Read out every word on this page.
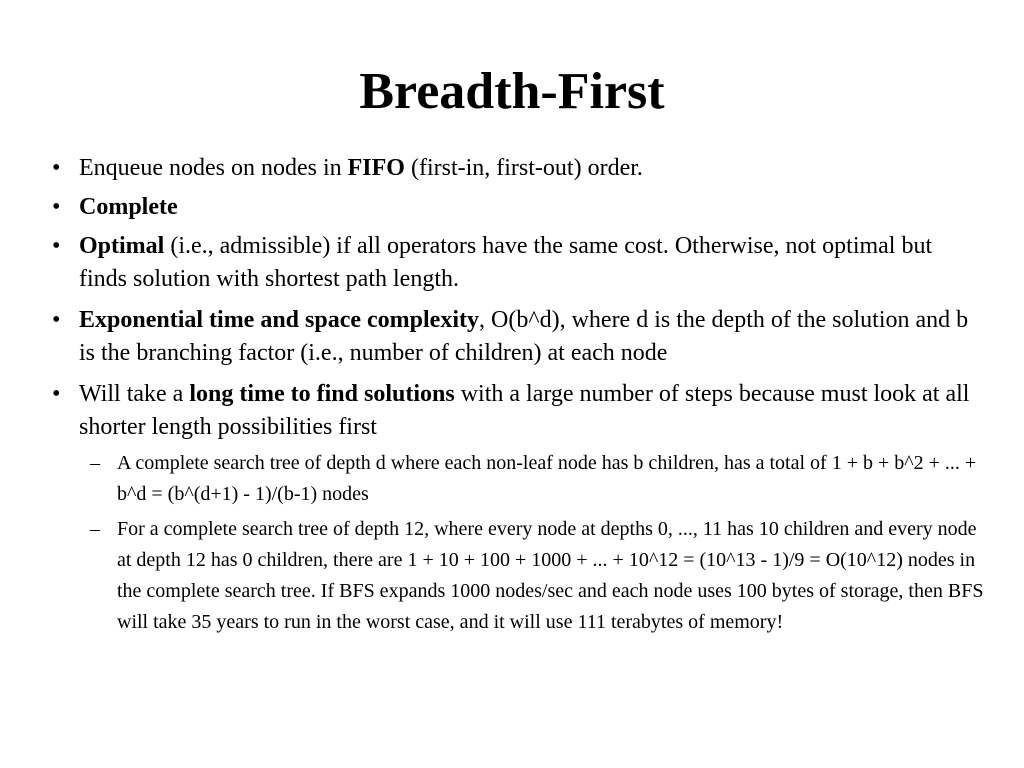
Breadth-First
• Enqueue nodes on nodes in FIFO (first-in, first-out) order.
• Complete
• Optimal (i.e., admissible) if all operators have the same cost. Otherwise, not optimal but finds solution with shortest path length.
• Exponential time and space complexity, O(b^d), where d is the depth of the solution and b is the branching factor (i.e., number of children) at each node
• Will take a long time to find solutions with a large number of steps because must look at all shorter length possibilities first
– A complete search tree of depth d where each non-leaf node has b children, has a total of 1 + b + b^2 + ... + b^d = (b^(d+1) - 1)/(b-1) nodes
– For a complete search tree of depth 12, where every node at depths 0, ..., 11 has 10 children and every node at depth 12 has 0 children, there are 1 + 10 + 100 + 1000 + ... + 10^12 = (10^13 - 1)/9 = O(10^12) nodes in the complete search tree. If BFS expands 1000 nodes/sec and each node uses 100 bytes of storage, then BFS will take 35 years to run in the worst case, and it will use 111 terabytes of memory!
